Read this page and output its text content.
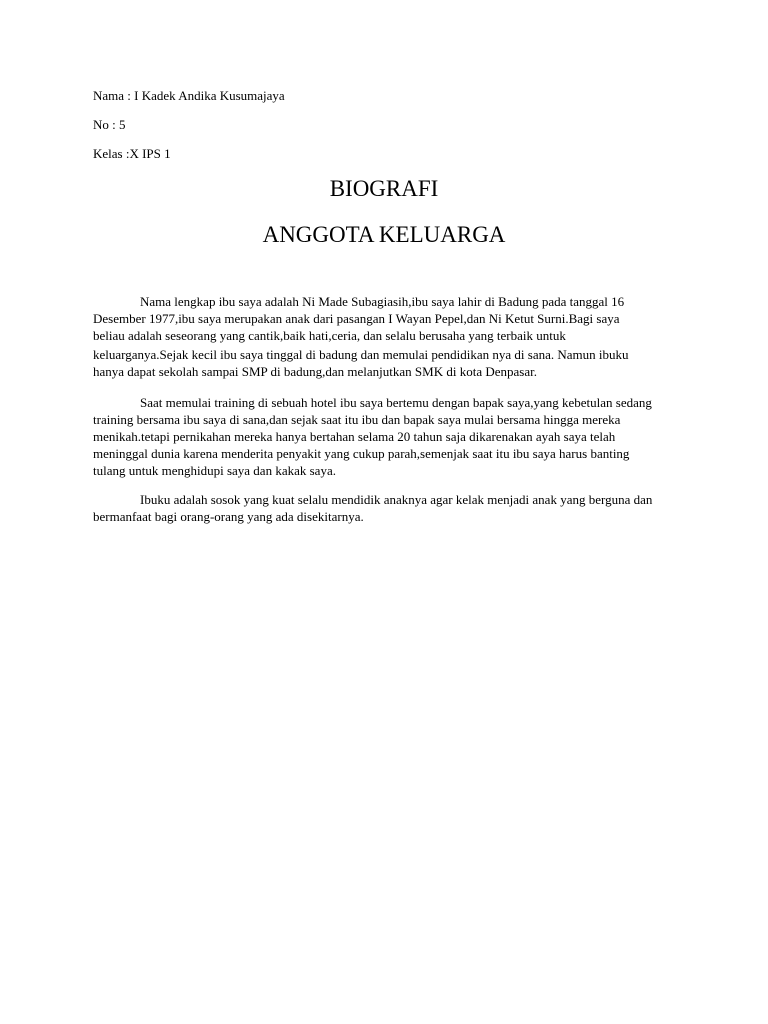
Nama : I Kadek Andika Kusumajaya
No : 5
Kelas :X IPS 1
BIOGRAFI
ANGGOTA KELUARGA
Nama lengkap ibu saya adalah Ni Made Subagiasih,ibu saya lahir di Badung pada tanggal 16
Desember 1977,ibu saya merupakan anak dari pasangan I Wayan Pepel,dan Ni Ketut Surni.Bagi saya
beliau adalah seseorang yang cantik,baik hati,ceria, dan selalu berusaha yang terbaik untuk
keluarganya.Sejak kecil ibu saya tinggal di badung dan memulai pendidikan nya di sana. Namun ibuku
hanya dapat sekolah sampai SMP di badung,dan melanjutkan SMK di kota Denpasar.
Saat memulai training di sebuah hotel ibu saya bertemu dengan bapak saya,yang kebetulan sedang
training bersama ibu saya di sana,dan sejak saat itu ibu dan bapak saya mulai bersama hingga mereka
menikah.tetapi pernikahan mereka hanya bertahan selama 20 tahun saja dikarenakan ayah saya telah
meninggal dunia karena menderita penyakit yang cukup parah,semenjak saat itu ibu saya harus banting
tulang untuk menghidupi saya dan kakak saya.
Ibuku adalah sosok yang kuat selalu mendidik anaknya agar kelak menjadi anak yang berguna dan
bermanfaat bagi orang-orang yang ada disekitarnya.
